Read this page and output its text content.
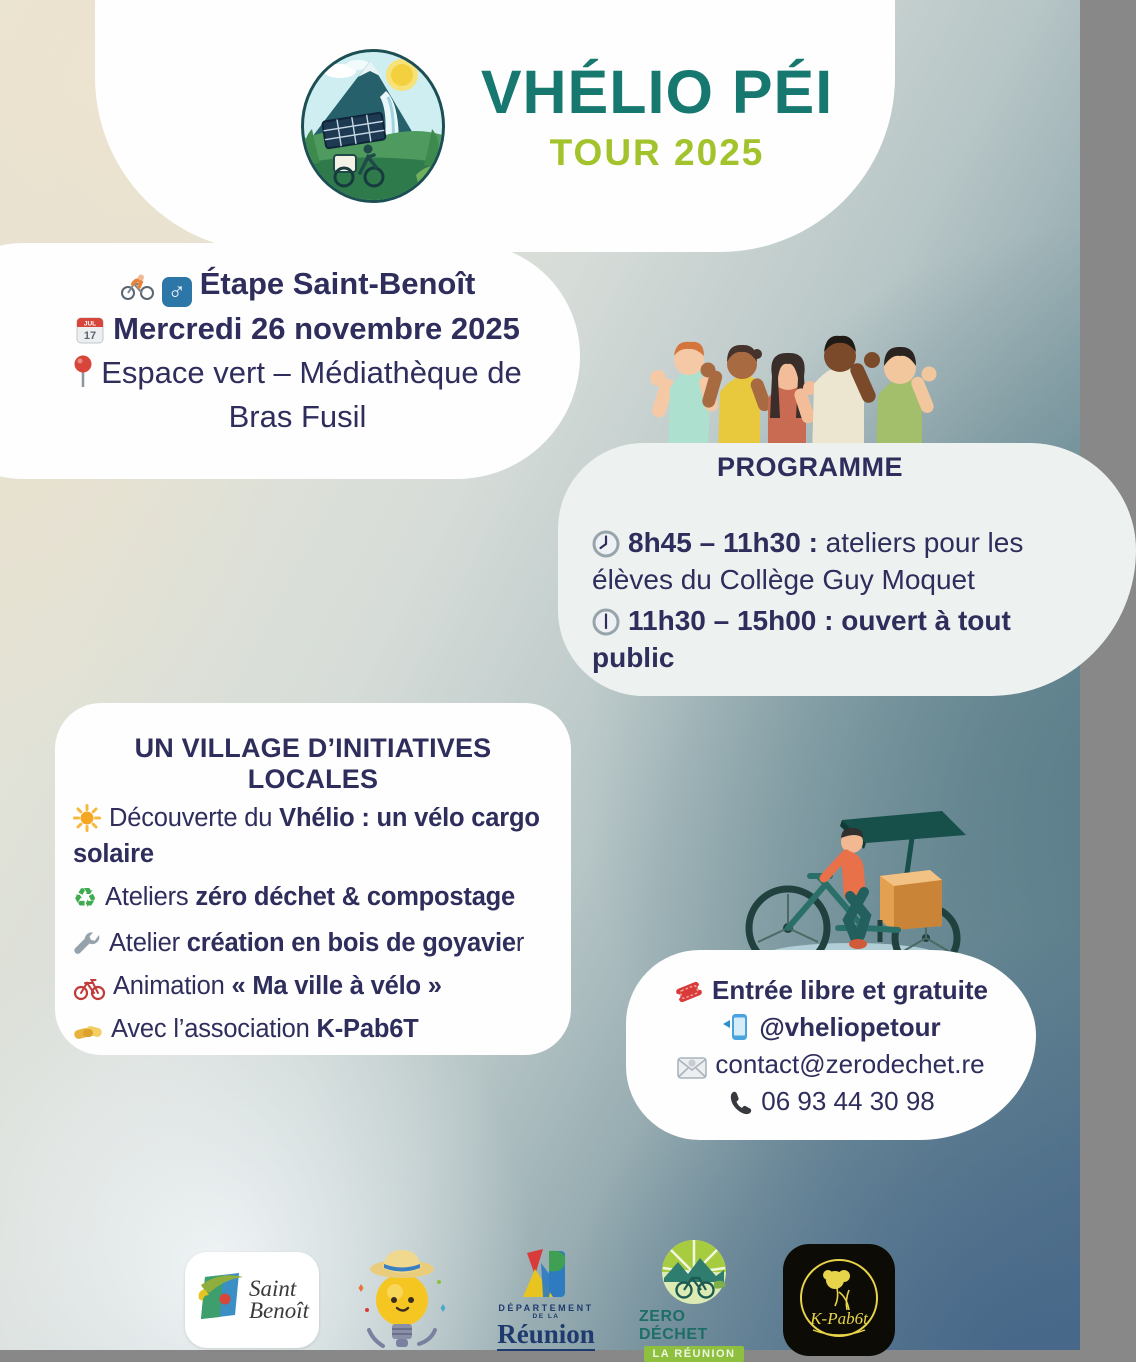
VHÉLIO PÉI
TOUR 2025
♂ Étape Saint-Benoît
JUL
17 Mercredi 26 novembre 2025
Espace vert – Médiathèque de
Bras Fusil
PROGRAMME

8h45 – 11h30 : ateliers pour les élèves du Collège Guy Moquet

11h30 – 15h00 : ouvert à tout public

UN VILLAGE D’INITIATIVES LOCALES

Découverte du Vhélio : un vélo cargo solaire

♻ Ateliers zéro déchet & compostage

Atelier création en bois de goyavier

Animation « Ma ville à vélo »

Avec l’association K-Pab6T

Entrée libre et gratuite
@vheliopetour
contact@zerodechet.re
06 93 44 30 98
Saint
Benoît	DÉPARTEMENT
DE LA
Réunion
ZERO DÉCHET
LA RÉUNION
K-Pab6t
